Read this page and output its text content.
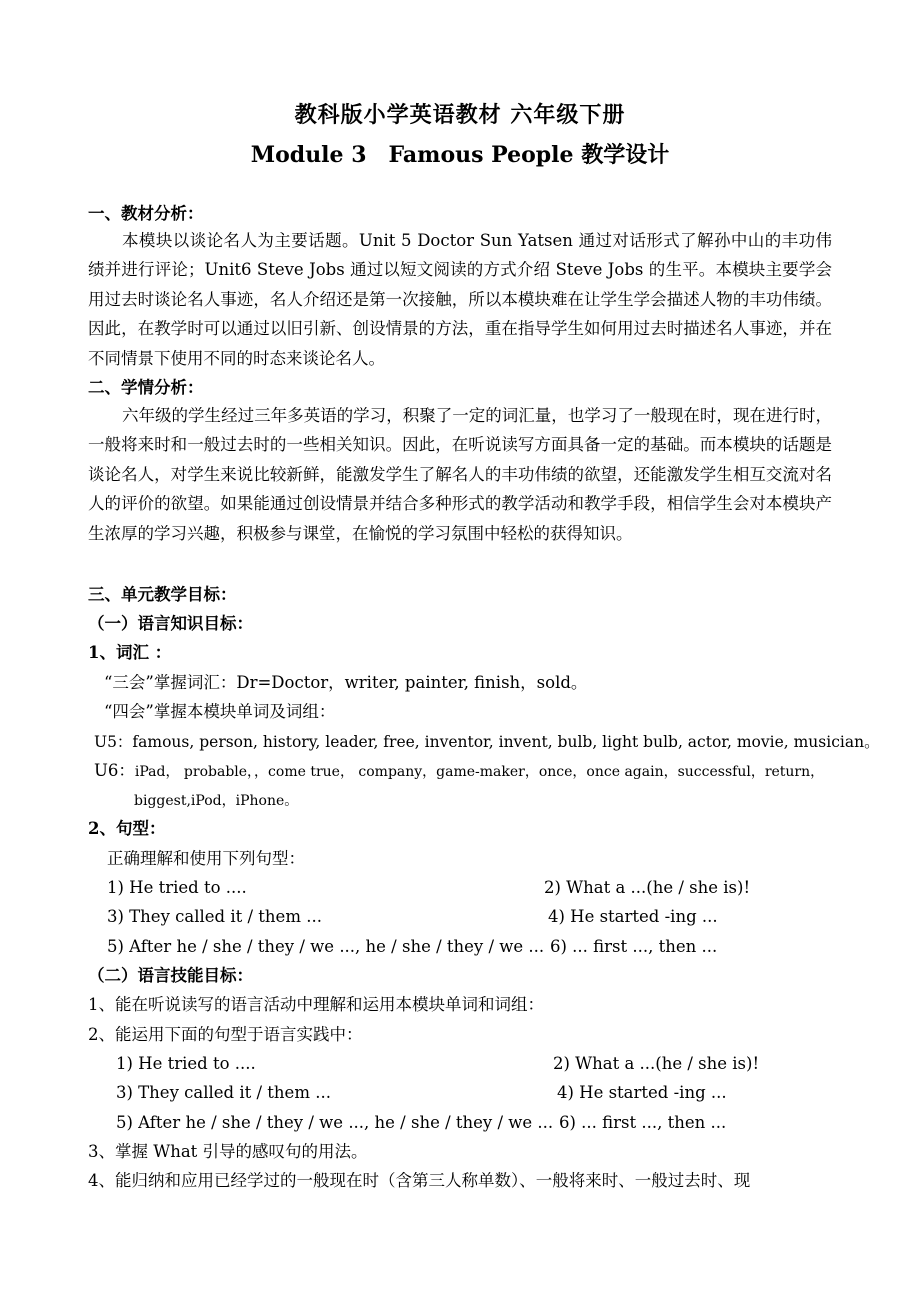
教科版小学英语教材 六年级下册
Module 3 Famous People 教学设计
一、教材分析：
本模块以谈论名人为主要话题。Unit 5 Doctor Sun Yatsen 通过对话形式了解孙中山的丰功伟绩并进行评论；Unit6 Steve Jobs 通过以短文阅读的方式介绍 Steve Jobs 的生平。本模块主要学会用过去时谈论名人事迹，名人介绍还是第一次接触，所以本模块难在让学生学会描述人物的丰功伟绩。因此，在教学时可以通过以旧引新、创设情景的方法，重在指导学生如何用过去时描述名人事迹，并在不同情景下使用不同的时态来谈论名人。
二、学情分析：
六年级的学生经过三年多英语的学习，积聚了一定的词汇量，也学习了一般现在时，现在进行时，一般将来时和一般过去时的一些相关知识。因此，在听说读写方面具备一定的基础。而本模块的话题是谈论名人，对学生来说比较新鲜，能激发学生了解名人的丰功伟绩的欲望，还能激发学生相互交流对名人的评价的欲望。如果能通过创设情景并结合多种形式的教学活动和教学手段，相信学生会对本模块产生浓厚的学习兴趣，积极参与课堂，在愉悦的学习氛围中轻松的获得知识。
三、单元教学目标：
（一）语言知识目标：
1、词汇 ：
“三会”掌握词汇：Dr=Doctor，writer, painter, finish，sold。
“四会”掌握本模块单词及词组：
U5：famous, person, history, leader, free, inventor, invent, bulb, light bulb, actor, movie, musician。
U6：iPad， probable，，come true， company，game-maker，once，once again，successful，return，
biggest,iPod，iPhone。
2、句型：
正确理解和使用下列句型：
1) He tried to ....	2) What a ...(he / she is)!
3) They called it / them ...	4) He started -ing ...
5) After he / she / they / we ..., he / she / they / we ... 6) ... first ..., then ...
（二）语言技能目标：
1、能在听说读写的语言活动中理解和运用本模块单词和词组：
2、能运用下面的句型于语言实践中：
1) He tried to ....	2) What a ...(he / she is)!
3) They called it / them ...	4) He started -ing ...
5) After he / she / they / we ..., he / she / they / we ... 6) ... first ..., then ...
3、掌握 What 引导的感叹句的用法。
4、能归纳和应用已经学过的一般现在时（含第三人称单数）、一般将来时、一般过去时、现
